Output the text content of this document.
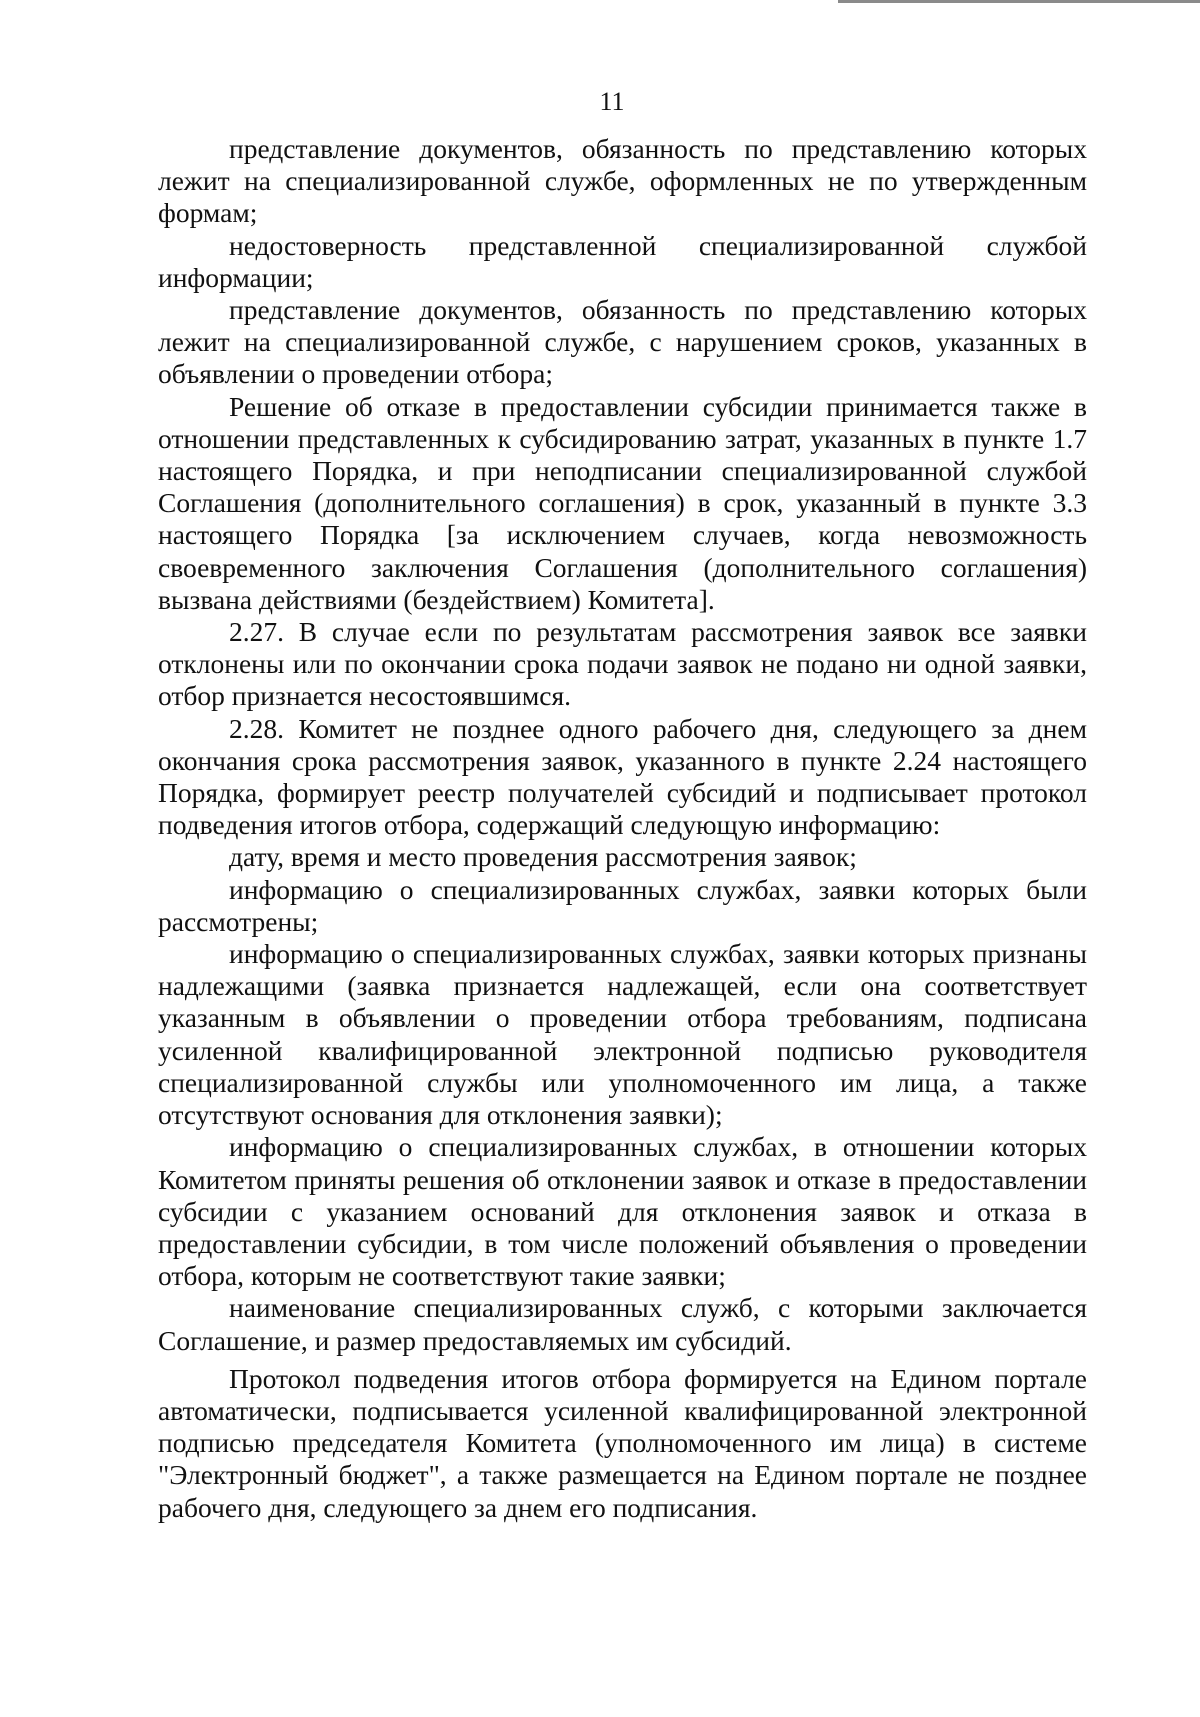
11

представление документов, обязанность по представлению которых лежит на специализированной службе, оформленных не по утвержденным формам;

недостоверность представленной специализированной службой информации;

представление документов, обязанность по представлению которых лежит на специализированной службе, с нарушением сроков, указанных в объявлении о проведении отбора;

Решение об отказе в предоставлении субсидии принимается также в отношении представленных к субсидированию затрат, указанных в пункте 1.7 настоящего Порядка, и при неподписании специализированной службой Соглашения (дополнительного соглашения) в срок, указанный в пункте 3.3 настоящего Порядка [за исключением случаев, когда невозможность своевременного заключения Соглашения (дополнительного соглашения) вызвана действиями (бездействием) Комитета].

2.27. В случае если по результатам рассмотрения заявок все заявки отклонены или по окончании срока подачи заявок не подано ни одной заявки, отбор признается несостоявшимся.

2.28. Комитет не позднее одного рабочего дня, следующего за днем окончания срока рассмотрения заявок, указанного в пункте 2.24 настоящего Порядка, формирует реестр получателей субсидий и подписывает протокол подведения итогов отбора, содержащий следующую информацию:

дату, время и место проведения рассмотрения заявок;

информацию о специализированных службах, заявки которых были рассмотрены;

информацию о специализированных службах, заявки которых признаны надлежащими (заявка признается надлежащей, если она соответствует указанным в объявлении о проведении отбора требованиям, подписана усиленной квалифицированной электронной подписью руководителя специализированной службы или уполномоченного им лица, а также отсутствуют основания для отклонения заявки);

информацию о специализированных службах, в отношении которых Комитетом приняты решения об отклонении заявок и отказе в предоставлении субсидии с указанием оснований для отклонения заявок и отказа в предоставлении субсидии, в том числе положений объявления о проведении отбора, которым не соответствуют такие заявки;

наименование специализированных служб, с которыми заключается Соглашение, и размер предоставляемых им субсидий.

Протокол подведения итогов отбора формируется на Едином портале автоматически, подписывается усиленной квалифицированной электронной подписью председателя Комитета (уполномоченного им лица) в системе "Электронный бюджет", а также размещается на Едином портале не позднее рабочего дня, следующего за днем его подписания.
